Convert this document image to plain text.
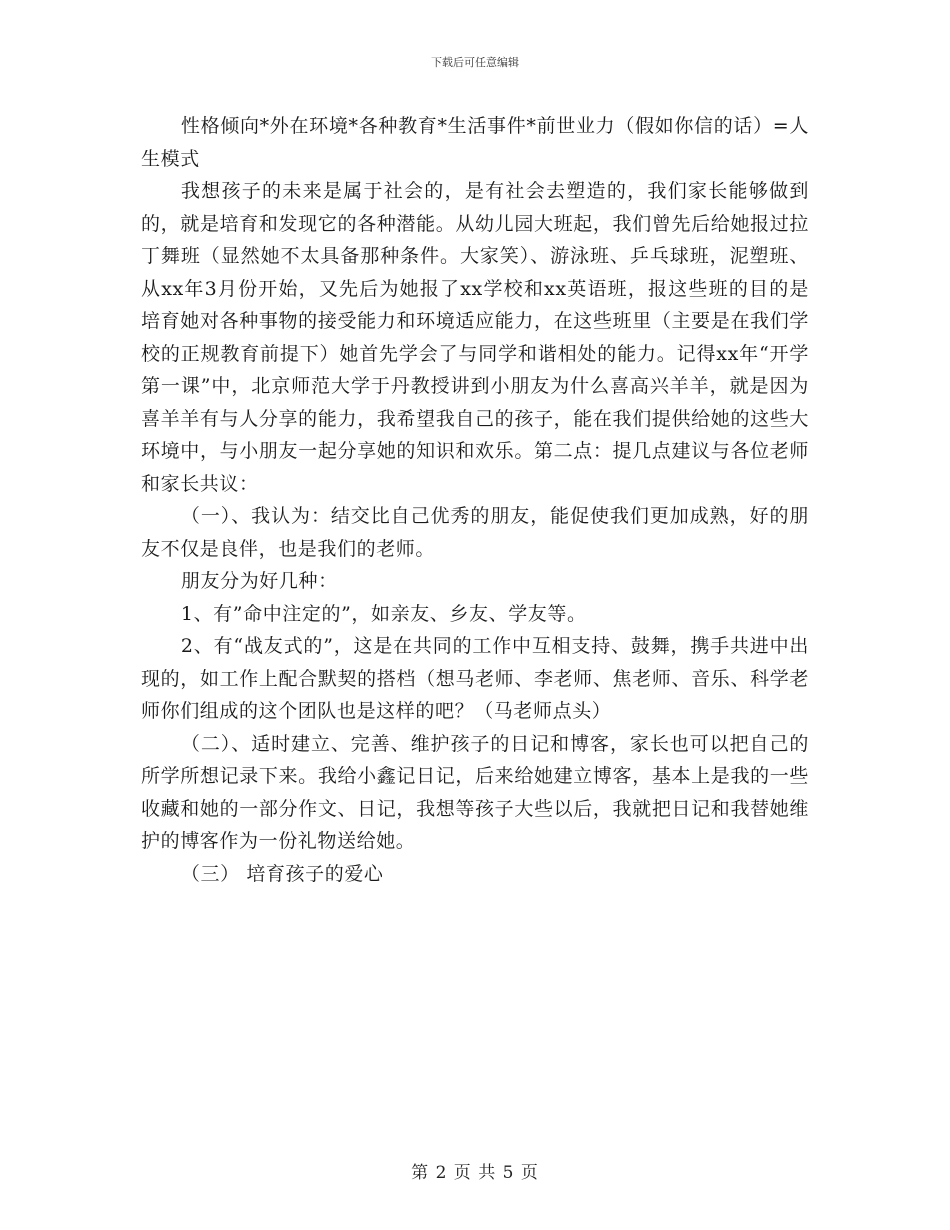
下载后可任意编辑

性格倾向*外在环境*各种教育*生活事件*前世业力（假如你信的话）=人生模式

我想孩子的未来是属于社会的，是有社会去塑造的，我们家长能够做到的，就是培育和发现它的各种潜能。从幼儿园大班起，我们曾先后给她报过拉丁舞班（显然她不太具备那种条件。大家笑）、游泳班、乒乓球班，泥塑班、从xx年3月份开始，又先后为她报了xx学校和xx英语班，报这些班的目的是培育她对各种事物的接受能力和环境适应能力，在这些班里（主要是在我们学校的正规教育前提下）她首先学会了与同学和谐相处的能力。记得xx年“开学第一课”中，北京师范大学于丹教授讲到小朋友为什么喜高兴羊羊，就是因为喜羊羊有与人分享的能力，我希望我自己的孩子，能在我们提供给她的这些大环境中，与小朋友一起分享她的知识和欢乐。第二点：提几点建议与各位老师和家长共议：

（一）、我认为：结交比自己优秀的朋友，能促使我们更加成熟，好的朋友不仅是良伴，也是我们的老师。

朋友分为好几种：

1、有”命中注定的”，如亲友、乡友、学友等。

2、有“战友式的”，这是在共同的工作中互相支持、鼓舞，携手共进中出现的，如工作上配合默契的搭档（想马老师、李老师、焦老师、音乐、科学老师你们组成的这个团队也是这样的吧？（马老师点头）

（二）、适时建立、完善、维护孩子的日记和博客，家长也可以把自己的所学所想记录下来。我给小鑫记日记，后来给她建立博客，基本上是我的一些收藏和她的一部分作文、日记，我想等孩子大些以后，我就把日记和我替她维护的博客作为一份礼物送给她。

（三） 培育孩子的爱心

第 2 页 共 5 页
